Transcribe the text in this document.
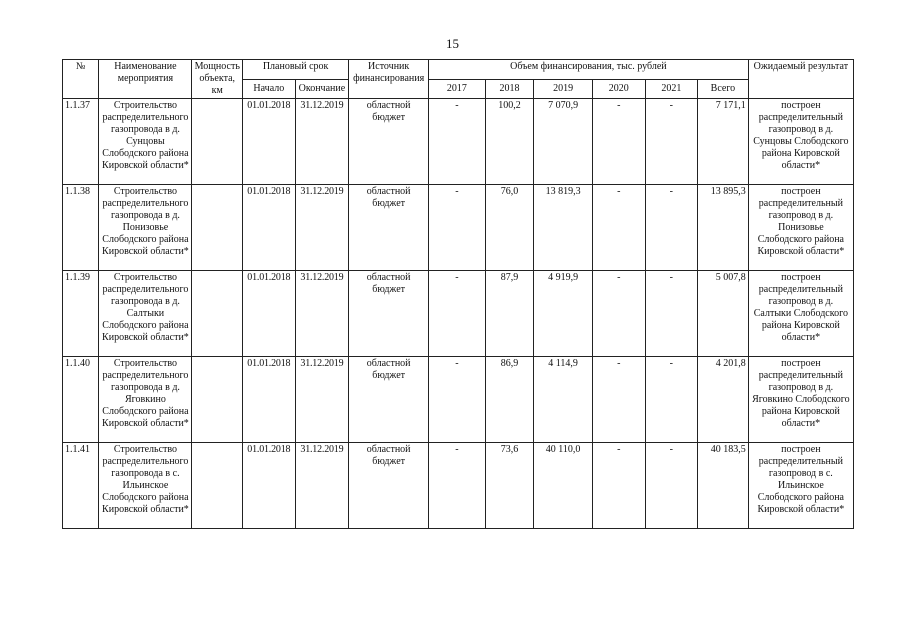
15
№	Наименование мероприятия	Мощность объекта, км	Плановый срок		Источник финансирования	Объем финансирования, тыс. рублей						Ожидаемый результат
			Начало	Окончание		2017	2018	2019	2020	2021	Всего	
1.1.37	Строительство распределительного газопровода в д. Сунцовы Слободского района Кировской области*		01.01.2018	31.12.2019	областной бюджет	-	100,2	7 070,9	-	-	7 171,1	построен распределительный газопровод в д. Сунцовы Слободского района Кировской области*
1.1.38	Строительство распределительного газопровода в д. Понизовье Слободского района Кировской области*		01.01.2018	31.12.2019	областной бюджет	-	76,0	13 819,3	-	-	13 895,3	построен распределительный газопровод в д. Понизовье Слободского района Кировской области*
1.1.39	Строительство распределительного газопровода в д. Салтыки Слободского района Кировской области*		01.01.2018	31.12.2019	областной бюджет	-	87,9	4 919,9	-	-	5 007,8	построен распределительный газопровод в д. Салтыки Слободского района Кировской области*
1.1.40	Строительство распределительного газопровода в д. Яговкино Слободского района Кировской области*		01.01.2018	31.12.2019	областной бюджет	-	86,9	4 114,9	-	-	4 201,8	построен распределительный газопровод в д. Яговкино Слободского района Кировской области*
1.1.41	Строительство распределительного газопровода в с. Ильинское Слободского района Кировской области*		01.01.2018	31.12.2019	областной бюджет	-	73,6	40 110,0	-	-	40 183,5	построен распределительный газопровод в с. Ильинское Слободского района Кировской области*
